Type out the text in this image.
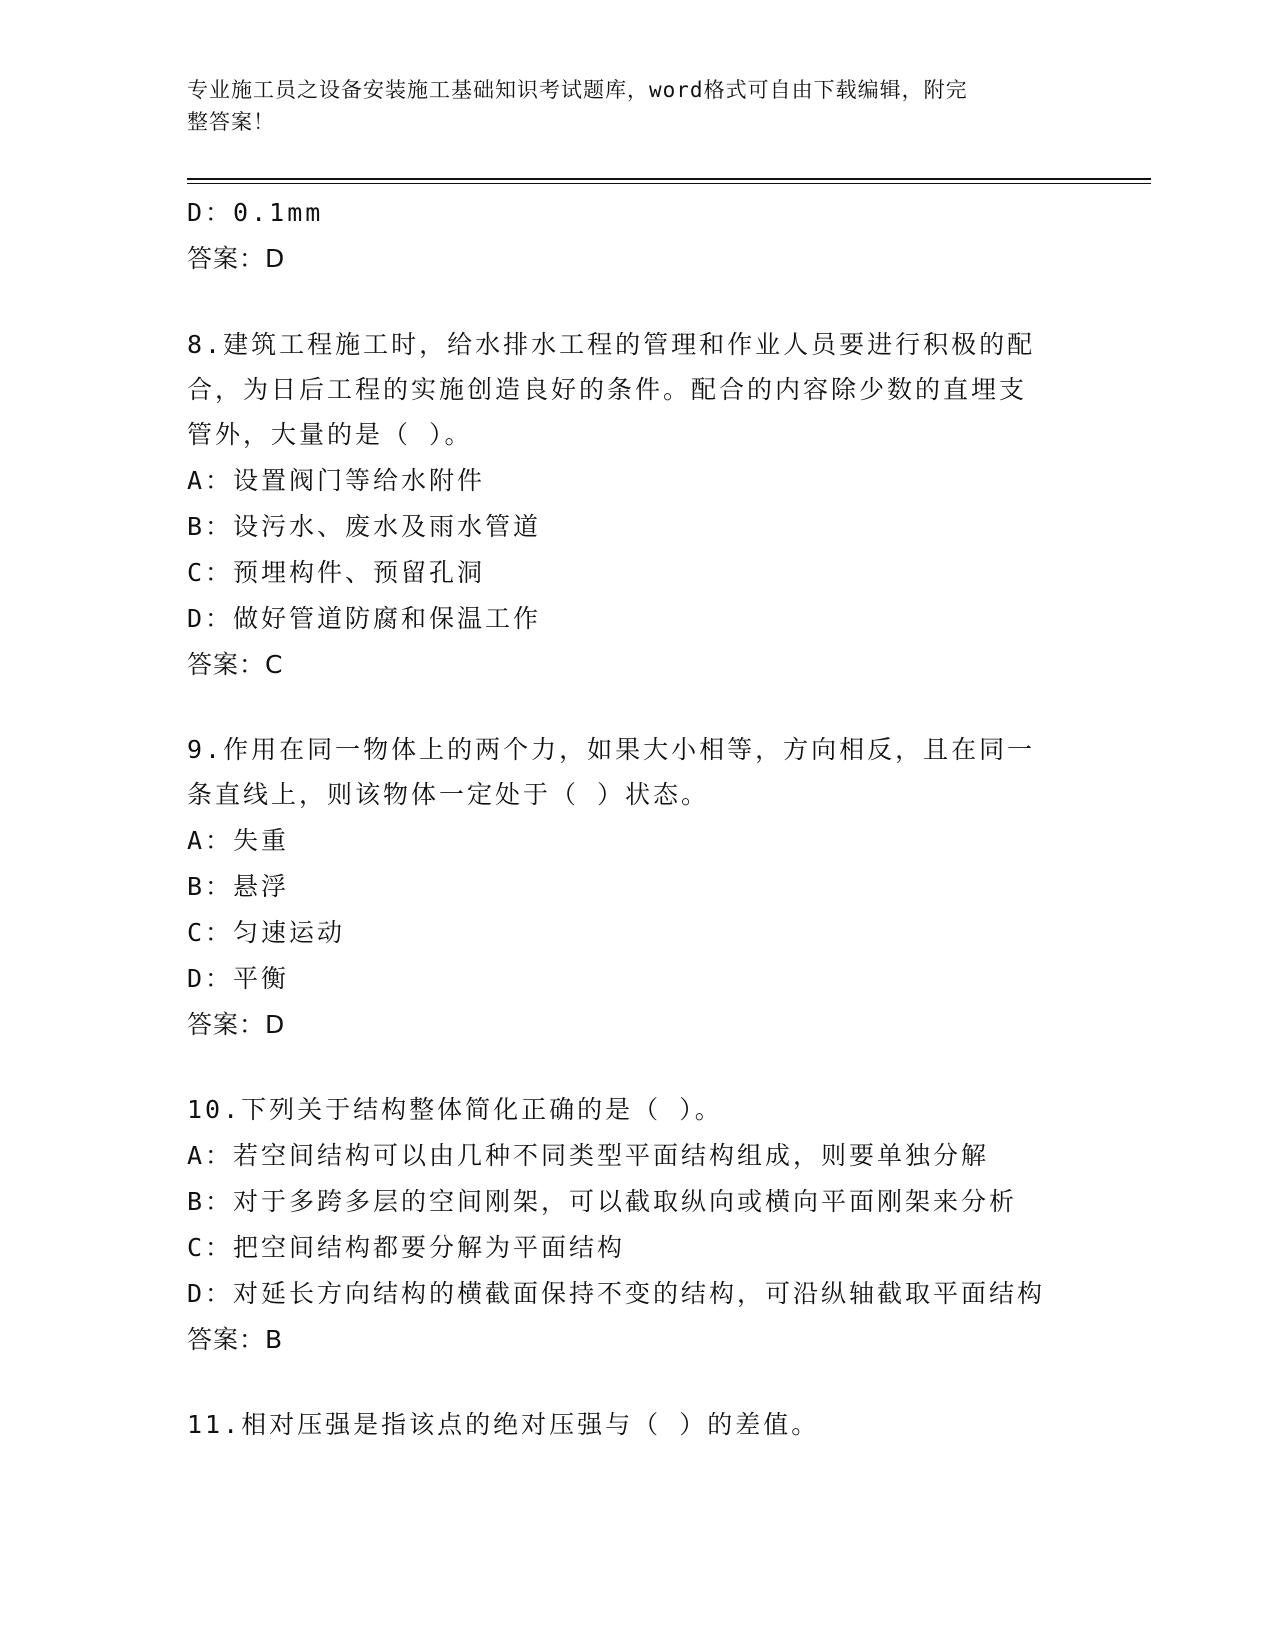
专业施工员之设备安装施工基础知识考试题库，word格式可自由下载编辑，附完
整答案！
D：0.1mm
答案：D
8.建筑工程施工时，给水排水工程的管理和作业人员要进行积极的配
合，为日后工程的实施创造良好的条件。配合的内容除少数的直埋支
管外，大量的是（ ）。
A：设置阀门等给水附件
B：设污水、废水及雨水管道
C：预埋构件、预留孔洞
D：做好管道防腐和保温工作
答案：C
9.作用在同一物体上的两个力，如果大小相等，方向相反，且在同一
条直线上，则该物体一定处于（ ）状态。
A：失重
B：悬浮
C：匀速运动
D：平衡
答案：D
10.下列关于结构整体简化正确的是（ ）。
A：若空间结构可以由几种不同类型平面结构组成，则要单独分解
B：对于多跨多层的空间刚架，可以截取纵向或横向平面刚架来分析
C：把空间结构都要分解为平面结构
D：对延长方向结构的横截面保持不变的结构，可沿纵轴截取平面结构
答案：B
11.相对压强是指该点的绝对压强与（ ）的差值。
